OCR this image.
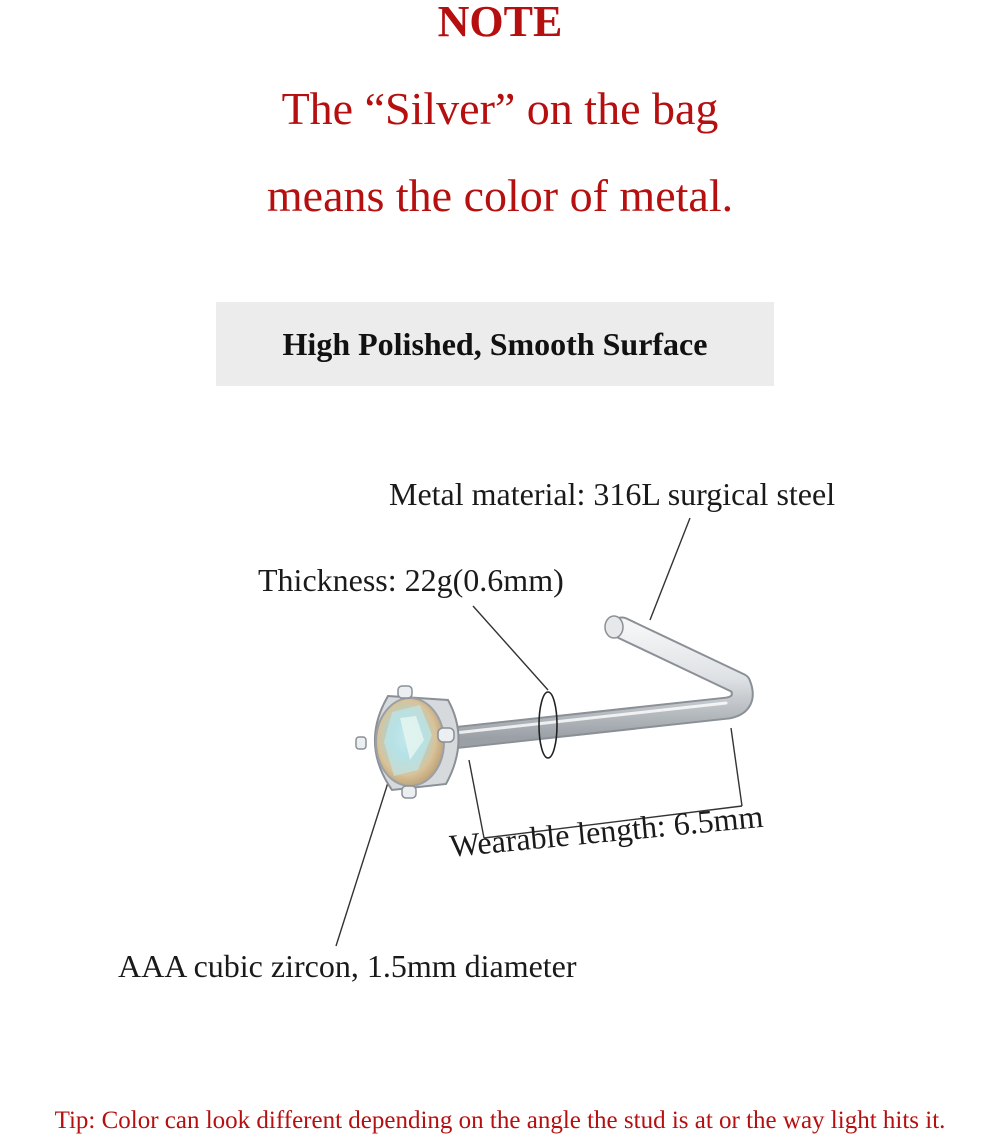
NOTE
The “Silver” on the bag
means the color of metal.
High Polished, Smooth Surface
Metal material: 316L surgical steel
Thickness: 22g(0.6mm)
Wearable length: 6.5mm
AAA cubic zircon, 1.5mm diameter
Tip: Color can look different depending on the angle the stud is at or the way light hits it.
